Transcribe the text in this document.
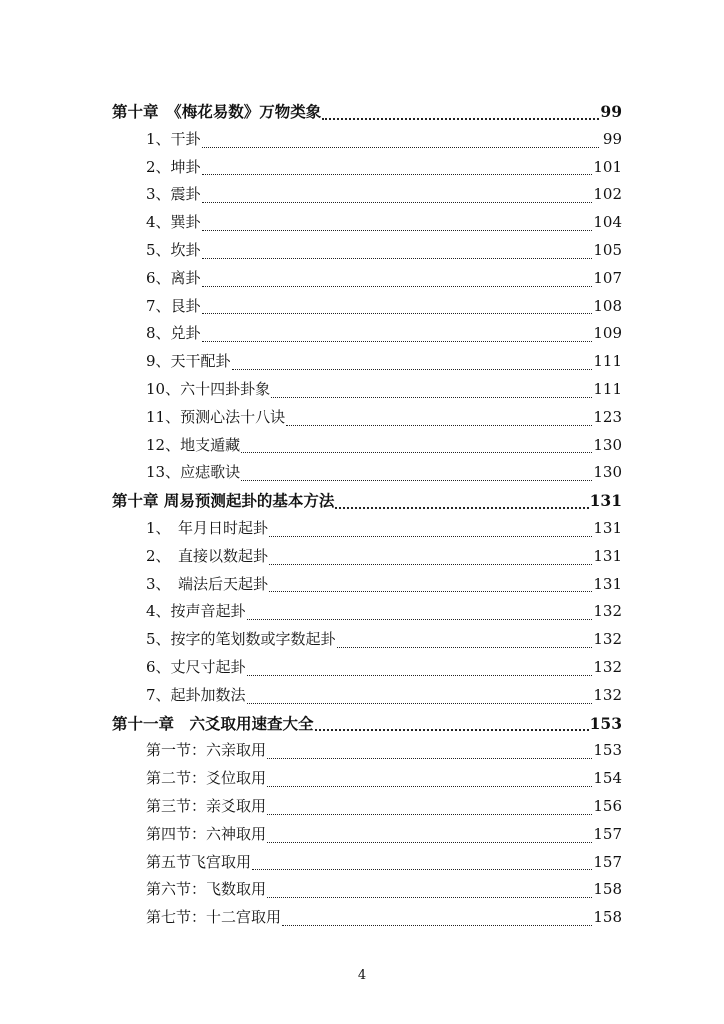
第十章　《梅花易数》万物类象	99
1、干卦	99
2、坤卦	101
3、震卦	102
4、巽卦	104
5、坎卦	105
6、离卦	107
7、艮卦	108
8、兑卦	109
9、天干配卦	111
10、六十四卦卦象	111
11、预测心法十八诀	123
12、地支遁藏	130
13、应痣歌诀	130
第十章 周易预测起卦的基本方法	131
1、　年月日时起卦	131
2、　直接以数起卦	131
3、　端法后天起卦	131
4、按声音起卦	132
5、按字的笔划数或字数起卦	132
6、丈尺寸起卦	132
7、起卦加数法	132
第十一章　六爻取用速查大全	153
第一节：六亲取用	153
第二节：爻位取用	154
第三节：亲爻取用	156
第四节：六神取用	157
第五节飞宫取用	157
第六节：飞数取用	158
第七节：十二宫取用	158
4
